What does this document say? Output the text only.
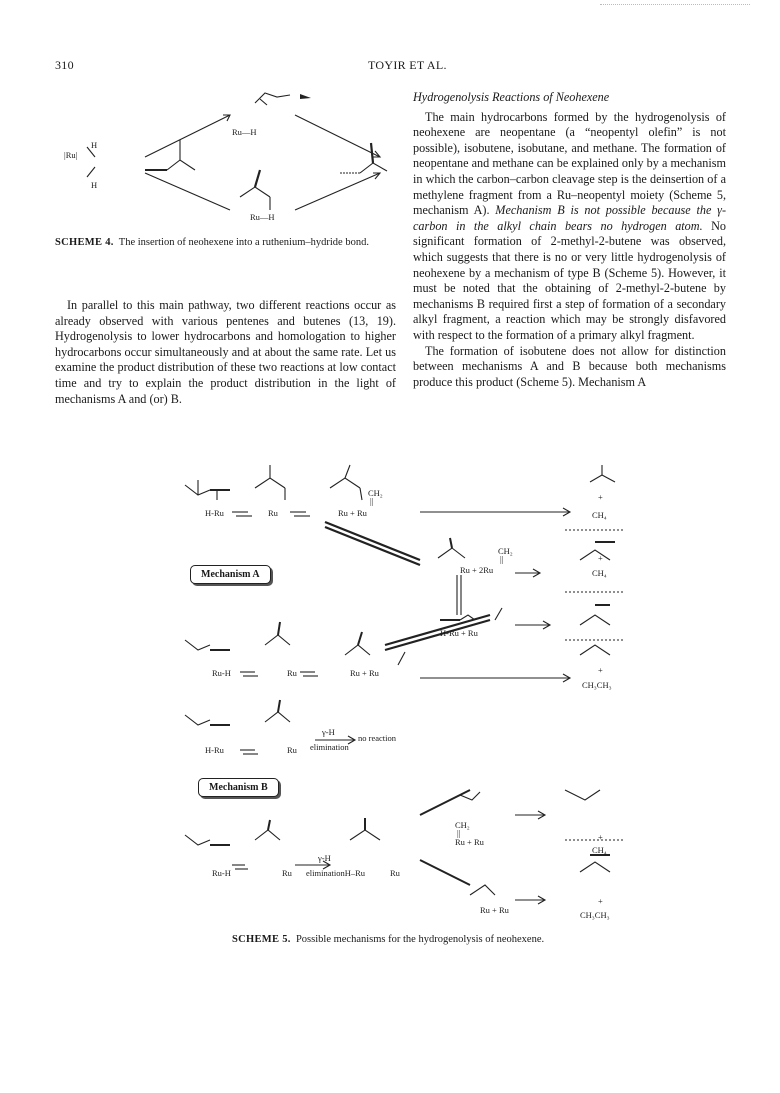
310	TOYIR ET AL.
Ru—H
Ru—H
|Ru|
H
H
SCHEME 4. The insertion of neohexene into a ruthenium–hydride bond.

In parallel to this main pathway, two different reactions occur as already observed with various pentenes and butenes (13, 19). Hydrogenolysis to lower hydrocarbons and homologation to higher hydrocarbons occur simultaneously and at about the same rate. Let us examine the product distribution of these two reactions at low contact time and try to explain the product distribution in the light of mechanisms A and (or) B.

Hydrogenolysis Reactions of Neohexene

The main hydrocarbons formed by the hydrogenolysis of neohexene are neopentane (a “neopentyl olefin” is not possible), isobutene, isobutane, and methane. The formation of neopentane and methane can be explained only by a mechanism in which the carbon–carbon cleavage step is the deinsertion of a methylene fragment from a Ru–neopentyl moiety (Scheme 5, mechanism A). Mechanism B is not possible because the γ-carbon in the alkyl chain bears no hydrogen atom. No significant formation of 2-methyl-2-butene was observed, which suggests that there is no or very little hydrogenolysis of neohexene by a mechanism of type B (Scheme 5). However, it must be noted that the obtaining of 2-methyl-2-butene by mechanisms B required first a step of formation of a secondary alkyl fragment, a reaction which may be strongly disfavored with respect to the formation of a primary alkyl fragment.

The formation of isobutene does not allow for distinction between mechanisms A and B because both mechanisms produce this product (Scheme 5). Mechanism A

H-Ru	Ru
CH₂
||
Ru + Ru
+
CH₄
Mechanism A
CH₂
||
Ru + 2Ru
+
CH₄
H-Ru + Ru
Ru-H	Ru	Ru + Ru	+
CH₃CH₃
H-Ru	Ru
γ-H
elimination
no reaction
Mechanism B
CH₂
||
Ru + Ru	+
CH₄
Ru-H	Ru
γ-H
eliminationH–Ru	Ru
Ru + Ru
+
CH₃CH₃
SCHEME 5. Possible mechanisms for the hydrogenolysis of neohexene.
